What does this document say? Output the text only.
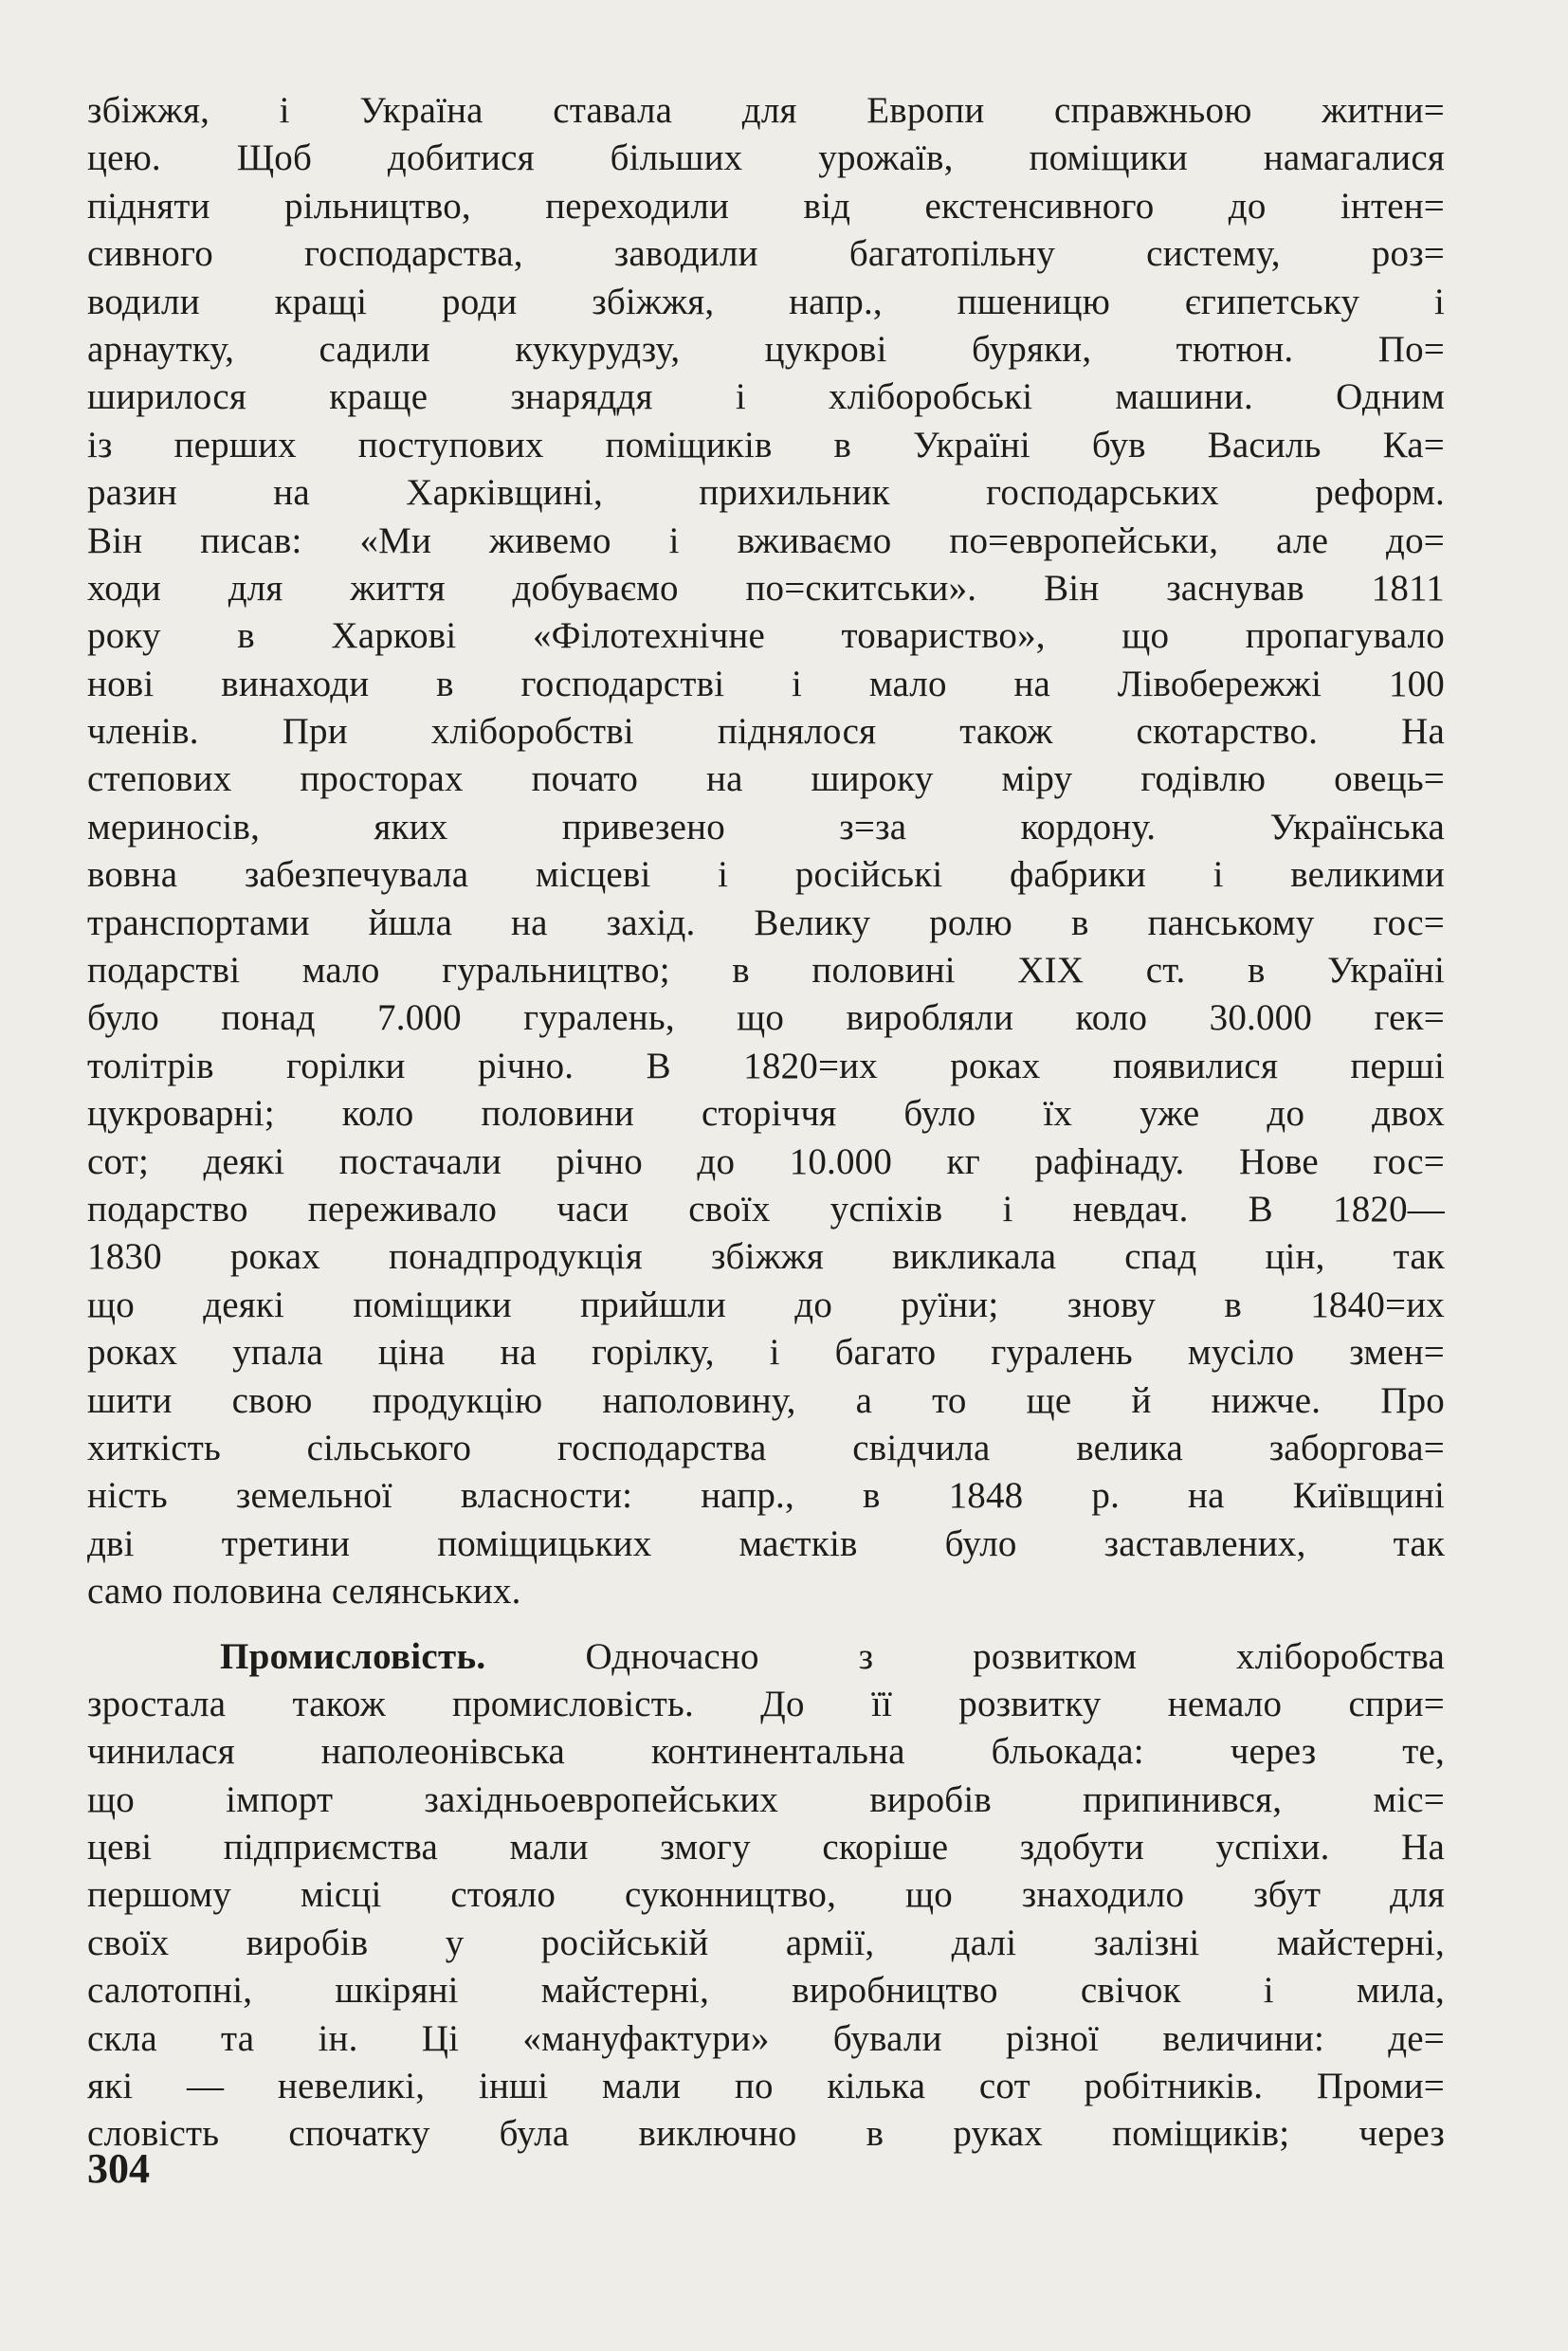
збіжжя, і Україна ставала для Европи справжньою житни=
цею. Щоб добитися більших урожаїв, поміщики намагалися
підняти рільництво, переходили від екстенсивного до інтен=
сивного господарства, заводили багатопільну систему, роз=
водили кращі роди збіжжя, напр., пшеницю єгипетську і
арнаутку, садили кукурудзу, цукрові буряки, тютюн. По=
ширилося краще знаряддя і хліборобські машини. Одним
із перших поступових поміщиків в Україні був Василь Ка=
разин на Харківщині, прихильник господарських реформ.
Він писав: «Ми живемо і вживаємо по=европейськи, але до=
ходи для життя добуваємо по=скитськи». Він заснував 1811
року в Харкові «Філотехнічне товариство», що пропагувало
нові винаходи в господарстві і мало на Лівобережжі 100
членів. При хліборобстві піднялося також скотарство. На
степових просторах почато на широку міру годівлю овець=
мериносів, яких привезено з=за кордону. Українська
вовна забезпечувала місцеві і російські фабрики і великими
транспортами йшла на захід. Велику ролю в панському гос=
подарстві мало гуральництво; в половині XIX ст. в Україні
було понад 7.000 гуралень, що виробляли коло 30.000 гек=
толітрів горілки річно. В 1820=их роках появилися перші
цукроварні; коло половини сторіччя було їх уже до двох
сот; деякі постачали річно до 10.000 кг рафінаду. Нове гос=
подарство переживало часи своїх успіхів і невдач. В 1820—
1830 роках понадпродукція збіжжя викликала спад цін, так
що деякі поміщики прийшли до руїни; знову в 1840=их
роках упала ціна на горілку, і багато гуралень мусіло змен=
шити свою продукцію наполовину, а то ще й нижче. Про
хиткість сільського господарства свідчила велика заборгова=
ність земельної власности: напр., в 1848 р. на Київщині
дві третини поміщицьких маєтків було заставлених, так
само половина селянських.
Промисловість.	Одночасно з розвитком хліборобства
зростала також промисловість. До її розвитку немало спри=
чинилася наполеонівська континентальна бльокада: через те,
що імпорт західньоевропейських виробів припинився, міс=
цеві підприємства мали змогу скоріше здобути успіхи. На
першому місці стояло суконництво, що знаходило збут для
своїх виробів у російській армії, далі залізні майстерні,
салотопні, шкіряні майстерні, виробництво свічок і мила,
скла та ін. Ці «мануфактури» бували різної величини: де=
які — невеликі, інші мали по кілька сот робітників. Проми=
словість спочатку була виключно в руках поміщиків; через
304
